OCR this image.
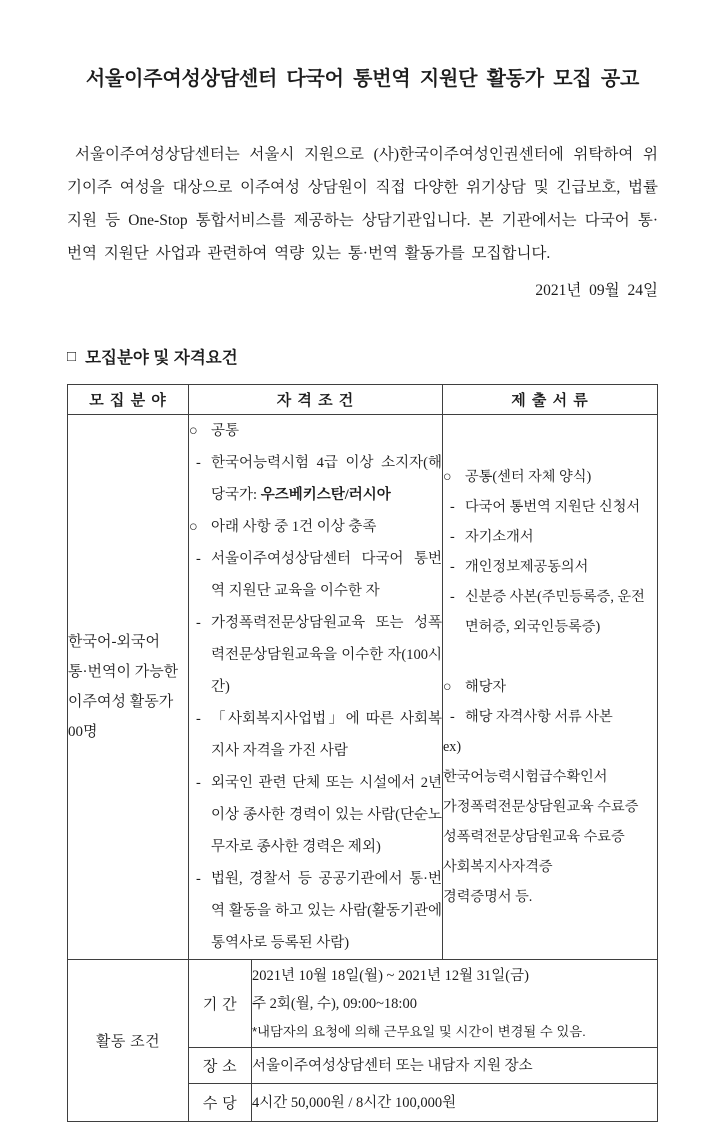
서울이주여성상담센터 다국어 통번역 지원단 활동가 모집 공고
서울이주여성상담센터는 서울시 지원으로 (사)한국이주여성인권센터에 위탁하여 위기이주 여성을 대상으로 이주여성 상담원이 직접 다양한 위기상담 및 긴급보호, 법률지원 등 One-Stop 통합서비스를 제공하는 상담기관입니다. 본 기관에서는 다국어 통·번역 지원단 사업과 관련하여 역량 있는 통·번역 활동가를 모집합니다.
2021년 09월 24일
□ 모집분야 및 자격요건
모 집 분 야	자 격 조 건		제 출 서 류

한국어-외국어
통·번역이 가능한
이주여성 활동가
00명

○ 공통
- 한국어능력시험 4급 이상 소지자(해당국가: 우즈베키스탄/러시아
○ 아래 사항 중 1건 이상 충족
- 서울이주여성상담센터 다국어 통번역 지원단 교육을 이수한 자
- 가정폭력전문상담원교육 또는 성폭력전문상담원교육을 이수한 자(100시간)
- 「사회복지사업법」에 따른 사회복지사 자격을 가진 사람
- 외국인 관련 단체 또는 시설에서 2년이상 종사한 경력이 있는 사람(단순노무자로 종사한 경력은 제외)
- 법원, 경찰서 등 공공기관에서 통·번역 활동을 하고 있는 사람(활동기관에 통역사로 등록된 사람)

○ 공통(센터 자체 양식)
- 다국어 통번역 지원단 신청서
- 자기소개서
- 개인정보제공동의서
- 신분증 사본(주민등록증, 운전면허증, 외국인등록증)
○ 해당자
- 해당 자격사항 서류 사본
ex)
한국어능력시험급수확인서
가정폭력전문상담원교육 수료증
성폭력전문상담원교육 수료증
사회복지사자격증
경력증명서 등.

활동 조건	기 간	2021년 10월 18일(월) ~ 2021년 12월 31일(금)
주 2회(월, 수), 09:00~18:00
*내담자의 요청에 의해 근무요일 및 시간이 변경될 수 있음.	

	장 소	서울이주여성상담센터 또는 내담자 지원 장소	

	수 당	4시간 50,000원 / 8시간 100,000원	
